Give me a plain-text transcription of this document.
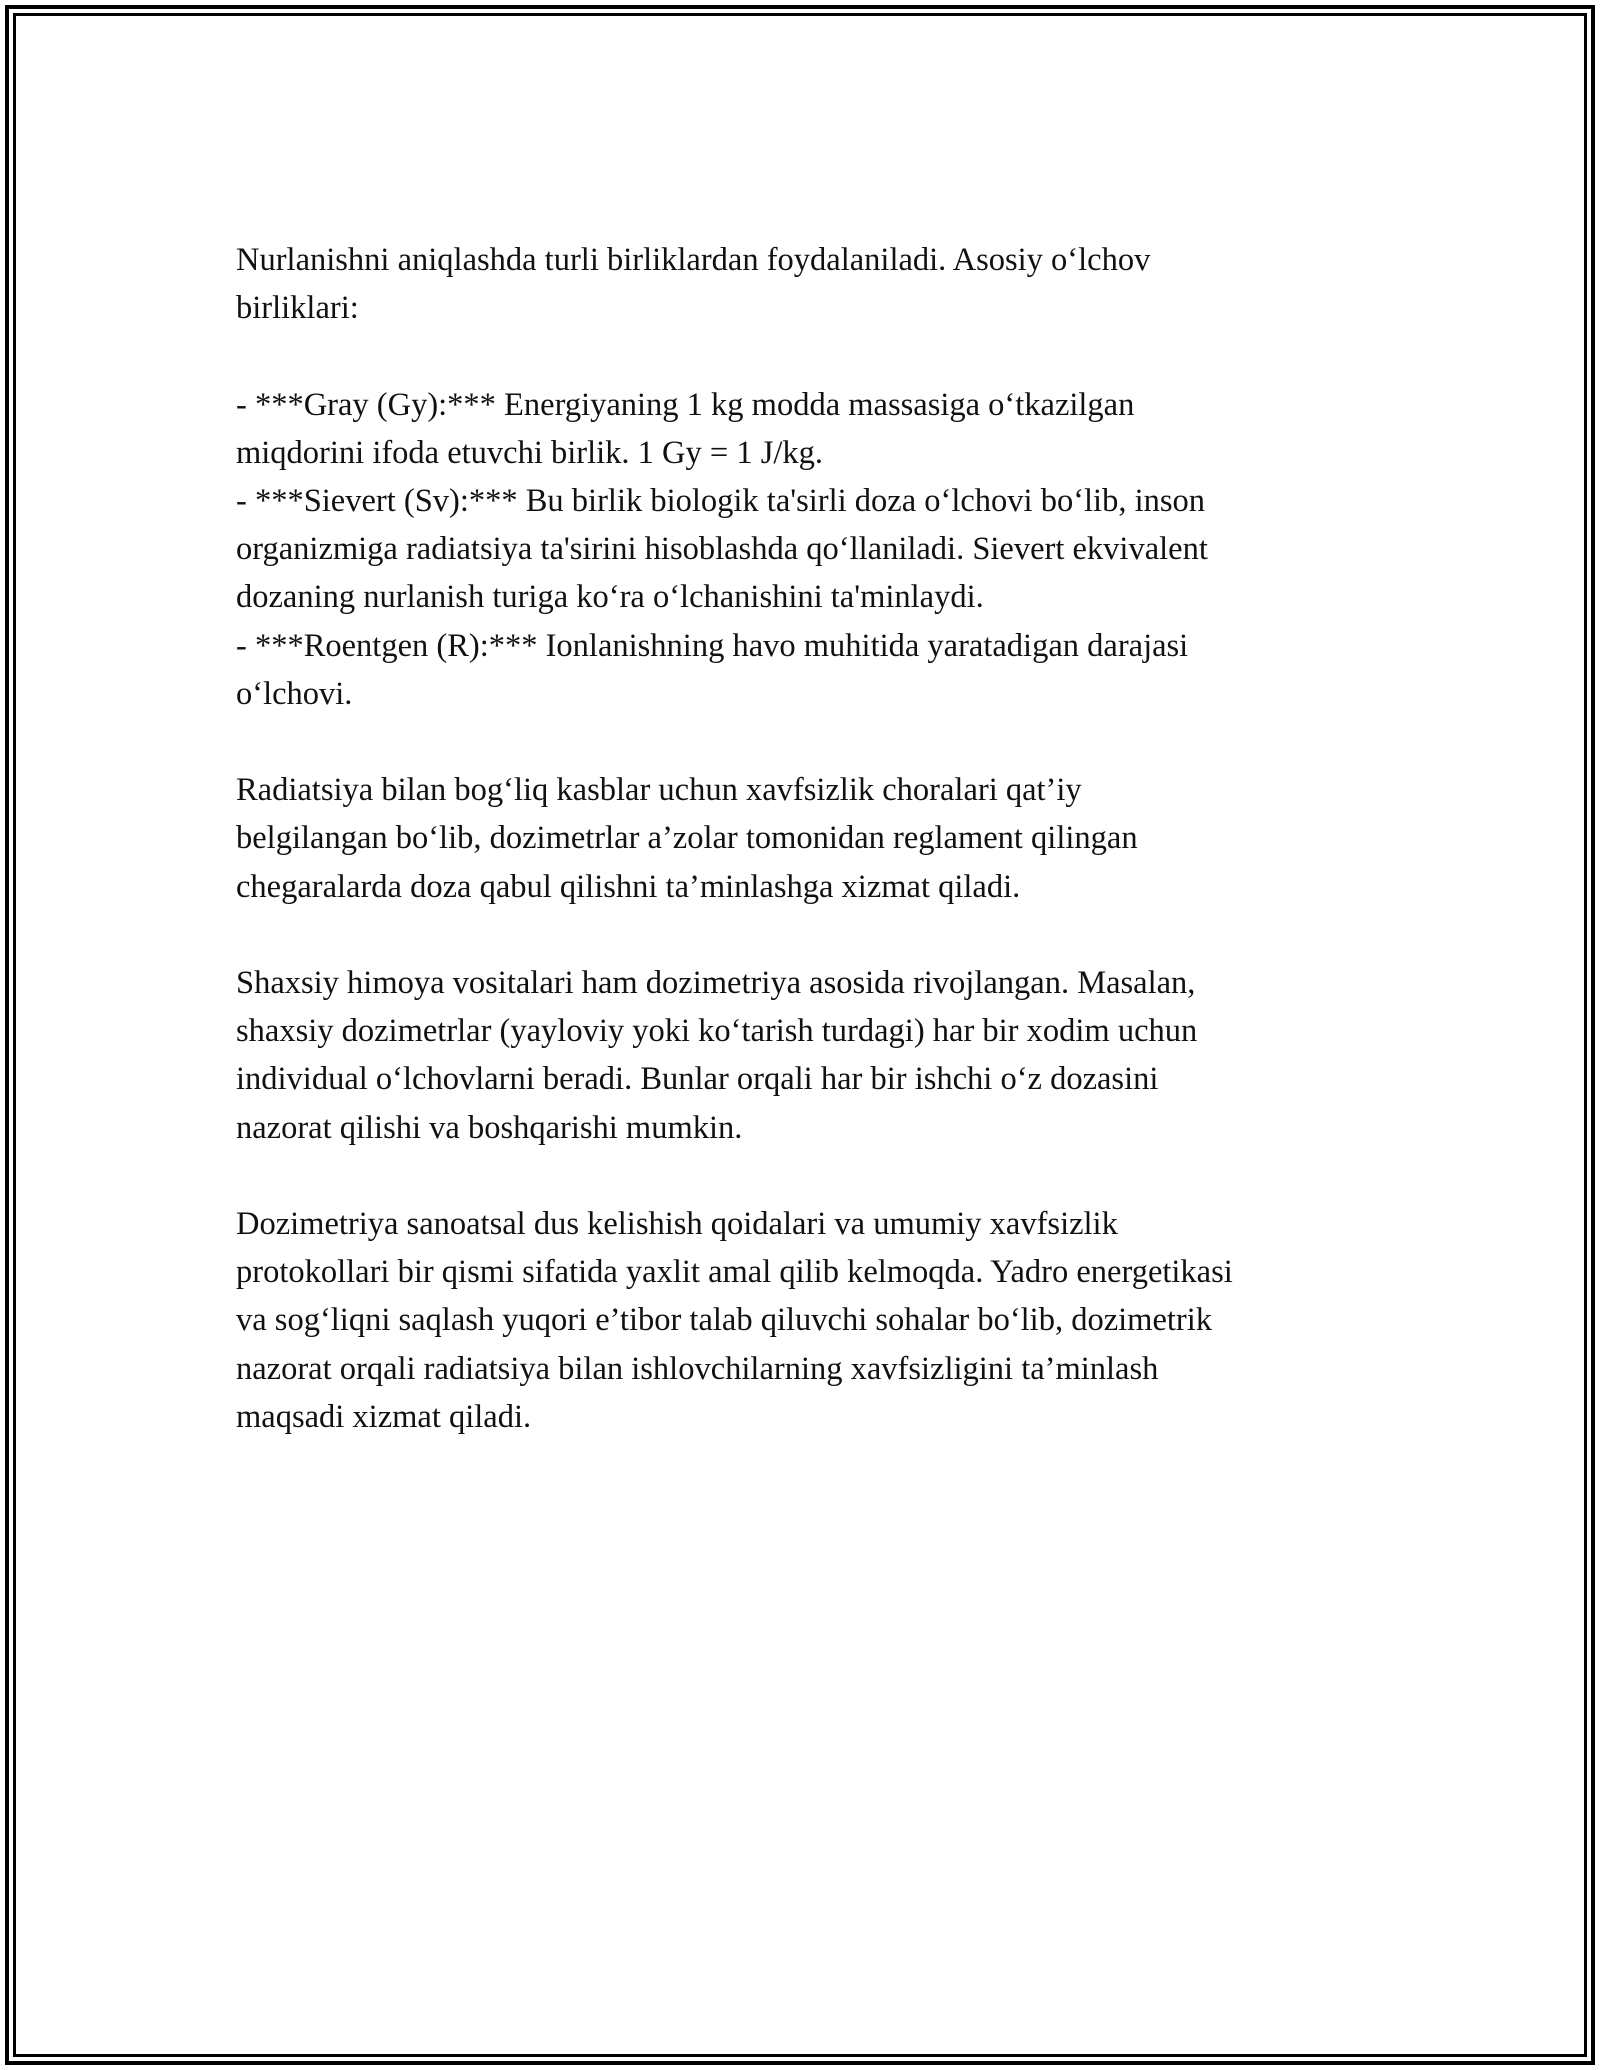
Nurlanishni aniqlashda turli birliklardan foydalaniladi. Asosiy o‘lchov
birliklari:
- ***Gray (Gy):*** Energiyaning 1 kg modda massasiga o‘tkazilgan
miqdorini ifoda etuvchi birlik. 1 Gy = 1 J/kg.
- ***Sievert (Sv):*** Bu birlik biologik ta'sirli doza o‘lchovi bo‘lib, inson
organizmiga radiatsiya ta'sirini hisoblashda qo‘llaniladi. Sievert ekvivalent
dozaning nurlanish turiga ko‘ra o‘lchanishini ta'minlaydi.
- ***Roentgen (R):*** Ionlanishning havo muhitida yaratadigan darajasi
o‘lchovi.
Radiatsiya bilan bog‘liq kasblar uchun xavfsizlik choralari qat’iy
belgilangan bo‘lib, dozimetrlar a’zolar tomonidan reglament qilingan
chegaralarda doza qabul qilishni ta’minlashga xizmat qiladi.
Shaxsiy himoya vositalari ham dozimetriya asosida rivojlangan. Masalan,
shaxsiy dozimetrlar (yayloviy yoki ko‘tarish turdagi) har bir xodim uchun
individual o‘lchovlarni beradi. Bunlar orqali har bir ishchi o‘z dozasini
nazorat qilishi va boshqarishi mumkin.
Dozimetriya sanoatsal dus kelishish qoidalari va umumiy xavfsizlik
protokollari bir qismi sifatida yaxlit amal qilib kelmoqda. Yadro energetikasi
va sog‘liqni saqlash yuqori e’tibor talab qiluvchi sohalar bo‘lib, dozimetrik
nazorat orqali radiatsiya bilan ishlovchilarning xavfsizligini ta’minlash
maqsadi xizmat qiladi.
